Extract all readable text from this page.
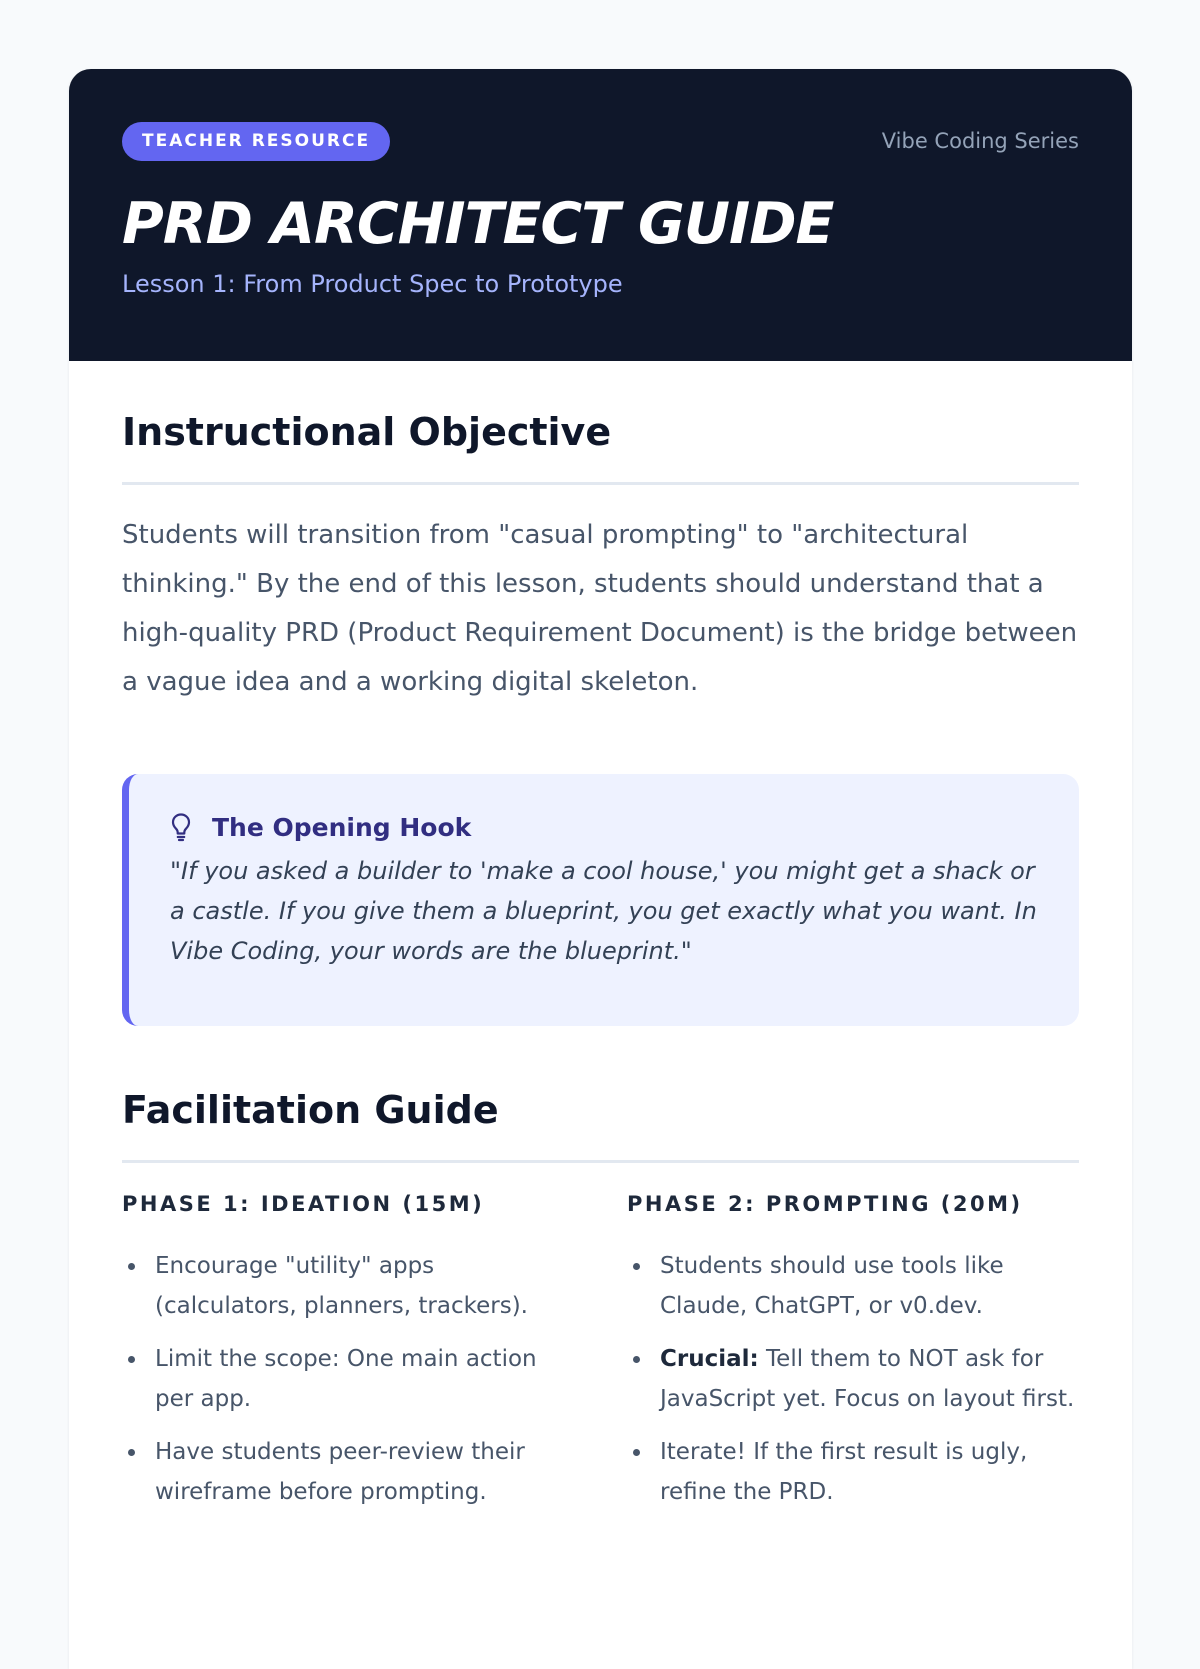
TEACHER RESOURCE	Vibe Coding Series
PRD ARCHITECT GUIDE
Lesson 1: From Product Spec to Prototype
Instructional Objective

Students will transition from "casual prompting" to "architectural thinking." By the end of this lesson, students should understand that a high-quality PRD (Product Requirement Document) is the bridge between a vague idea and a working digital skeleton.

The Opening Hook

"If you asked a builder to 'make a cool house,' you might get a shack or a castle. If you give them a blueprint, you get exactly what you want. In Vibe Coding, your words are the blueprint."

Facilitation Guide
PHASE 1: IDEATION (15M)
Encourage "utility" apps (calculators, planners, trackers).
Limit the scope: One main action per app.
Have students peer-review their wireframe before prompting.
PHASE 2: PROMPTING (20M)
Students should use tools like Claude, ChatGPT, or v0.dev.
Crucial: Tell them to NOT ask for JavaScript yet. Focus on layout first.
Iterate! If the first result is ugly, refine the PRD.
